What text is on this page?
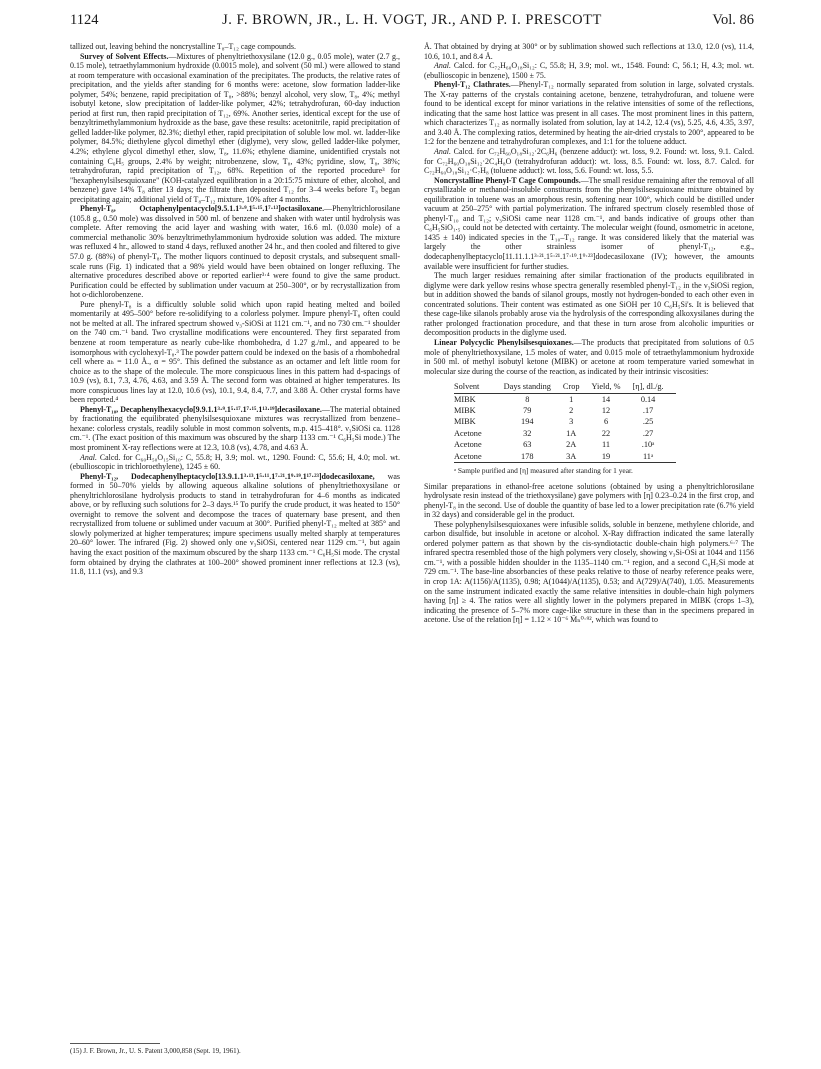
1124	J. F. BROWN, JR., L. H. VOGT, JR., AND P. I. PRESCOTT	Vol. 86

tallized out, leaving behind the noncrystalline T₈–T₁₂ cage compounds.

Survey of Solvent Effects.—Mixtures of phenyltriethoxysilane (12.0 g., 0.05 mole), water (2.7 g., 0.15 mole), tetraethylammonium hydroxide (0.0015 mole), and solvent (50 ml.) were allowed to stand at room temperature with occasional examination of the precipitates. The products, the relative rates of precipitation, and the yields after standing for 6 months were: acetone, slow formation ladder-like polymer, 54%; benzene, rapid precipitation of T₈, >88%; benzyl alcohol, very slow, T₈, 4%; methyl isobutyl ketone, slow precipitation of ladder-like polymer, 42%; tetrahydrofuran, 60-day induction period at first run, then rapid precipitation of T₁₂, 69%. Another series, identical except for the use of benzyltrimethylammonium hydroxide as the base, gave these results: acetonitrile, rapid precipitation of gelled ladder-like polymer, 82.3%; diethyl ether, rapid precipitation of soluble low mol. wt. ladder-like polymer, 84.5%; diethylene glycol dimethyl ether (diglyme), very slow, gelled ladder-like polymer, 4.2%; ethylene glycol dimethyl ether, slow, T₈, 11.6%; ethylene diamine, unidentified crystals not containing C₆H₅ groups, 2.4% by weight; nitrobenzene, slow, T₈, 43%; pyridine, slow, T₈, 38%; tetrahydrofuran, rapid precipitation of T₁₂, 68%. Repetition of the reported procedure³ for "hexaphenylsilsesquioxane" (KOH-catalyzed equilibration in a 20:15:75 mixture of ether, alcohol, and benzene) gave 14% T₈ after 13 days; the filtrate then deposited T₁₂ for 3–4 weeks before T₈ began precipitating again; additional yield of T₈–T₁₂ mixture, 10% after 4 months.

Phenyl-T₈, Octaphenylpentacyclo[9.5.1.1³·⁹.1⁵·¹⁵.1⁷·¹³]octasiloxane.—Phenyltrichlorosilane (105.8 g., 0.50 mole) was dissolved in 500 ml. of benzene and shaken with water until hydrolysis was complete. After removing the acid layer and washing with water, 16.6 ml. (0.030 mole) of a commercial methanolic 30% benzyltrimethylammonium hydroxide solution was added. The mixture was refluxed 4 hr., allowed to stand 4 days, refluxed another 24 hr., and then cooled and filtered to give 57.0 g. (88%) of phenyl-T₈. The mother liquors continued to deposit crystals, and subsequent small-scale runs (Fig. 1) indicated that a 98% yield would have been obtained on longer refluxing. The alternative procedures described above or reported earlier³·⁴ were found to give the same product. Purification could be effected by sublimation under vacuum at 250–300°, or by recrystallization from hot o-dichlorobenzene.

Pure phenyl-T₈ is a difficultly soluble solid which upon rapid heating melted and boiled momentarily at 495–500° before re-solidifying to a colorless polymer. Impure phenyl-T₈ often could not be melted at all. The infrared spectrum showed ν₃-SiOSi at 1121 cm.⁻¹, and no 730 cm.⁻¹ shoulder on the 740 cm.⁻¹ band. Two crystalline modifications were encountered. They first separated from benzene at room temperature as nearly cube-like rhombohedra, d 1.27 g./ml., and appeared to be isomorphous with cyclohexyl-T₈.³ The powder pattern could be indexed on the basis of a rhombohedral cell where aₕ = 11.0 Å., α = 95°. This defined the substance as an octamer and left little room for choice as to the shape of the molecule. The more conspicuous lines in this pattern had d-spacings of 10.9 (vs), 8.1, 7.3, 4.76, 4.63, and 3.59 Å. The second form was obtained at higher temperatures. Its more conspicuous lines lay at 12.0, 10.6 (vs), 10.1, 9.4, 8.4, 7.7, and 3.88 Å. Other crystal forms have been reported.⁴

Phenyl-T₁₀, Decaphenylhexacyclo[9.9.1.1³·⁹.1⁵·¹⁷.1⁷·¹⁵.1¹³·¹⁹]decasiloxane.—The material obtained by fractionating the equilibrated phenylsilsesquioxane mixtures was recrystallized from benzene–hexane: colorless crystals, readily soluble in most common solvents, m.p. 415–418°. ν₃SiOSi ca. 1128 cm.⁻¹. (The exact position of this maximum was obscured by the sharp 1133 cm.⁻¹ C₆H₅Si mode.) The most prominent X-ray reflections were at 12.3, 10.8 (vs), 4.78, and 4.63 Å.

Anal. Calcd. for C₆₀H₅₀O₁₅Si₁₀: C, 55.8; H, 3.9; mol. wt., 1290. Found: C, 55.6; H, 4.0; mol. wt. (ebullioscopic in trichloroethylene), 1245 ± 60.

Phenyl-T₁₂, Dodecaphenylheptacyclo[13.9.1.1³·¹³.1⁵·¹¹.1⁷·²¹.1⁹·¹⁹.1¹⁷·²³]dodecasiloxane, was formed in 50–70% yields by allowing aqueous alkaline solutions of phenyltriethoxysilane or phenyltrichlorosilane hydrolysis products to stand in tetrahydrofuran for 4–6 months as indicated above, or by refluxing such solutions for 2–3 days.¹⁵ To purify the crude product, it was heated to 150° overnight to remove the solvent and decompose the traces of quaternary base present, and then recrystallized from toluene or sublimed under vacuum at 300°. Purified phenyl-T₁₂ melted at 385° and slowly polymerized at higher temperatures; impure specimens usually melted sharply at temperatures 20–60° lower. The infrared (Fig. 2) showed only one ν₃SiOSi, centered near 1129 cm.⁻¹, but again having the exact position of the maximum obscured by the sharp 1133 cm.⁻¹ C₆H₅Si mode. The crystal form obtained by drying the clathrates at 100–200° showed prominent inner reflections at 12.3 (vs), 11.8, 11.1 (vs), and 9.3

Å. That obtained by drying at 300° or by sublimation showed such reflections at 13.0, 12.0 (vs), 11.4, 10.6, 10.1, and 8.4 Å.

Anal. Calcd. for C₇₂H₆₀O₁₈Si₁₂: C, 55.8; H, 3.9; mol. wt., 1548. Found: C, 56.1; H, 4.3; mol. wt. (ebullioscopic in benzene), 1500 ± 75.

Phenyl-T₁₂ Clathrates.—Phenyl-T₁₂ normally separated from solution in large, solvated crystals. The X-ray patterns of the crystals containing acetone, benzene, tetrahydrofuran, and toluene were found to be identical except for minor variations in the relative intensities of some of the reflections, indicating that the same host lattice was present in all cases. The most prominent lines in this pattern, which characterizes T₁₂ as normally isolated from solution, lay at 14.2, 12.4 (vs), 5.25, 4.6, 4.35, 3.97, and 3.40 Å. The complexing ratios, determined by heating the air-dried crystals to 200°, appeared to be 1:2 for the benzene and tetrahydrofuran complexes, and 1:1 for the toluene adduct.

Anal. Calcd. for C₇₂H₆₀O₁₈Si₁₂·2C₆H₆ (benzene adduct): wt. loss, 9.2. Found: wt. loss, 9.1. Calcd. for C₇₂H₆₀O₁₈Si₁₂·2C₄H₈O (tetrahydrofuran adduct): wt. loss, 8.5. Found: wt. loss, 8.7. Calcd. for C₇₂H₆₀O₁₈Si₁₂·C₇H₈ (toluene adduct): wt. loss, 5.6. Found: wt. loss, 5.5.

Noncrystalline Phenyl-T Cage Compounds.—The small residue remaining after the removal of all crystallizable or methanol-insoluble constituents from the phenylsilsesquioxane mixture obtained by equilibration in toluene was an amorphous resin, softening near 100°, which could be distilled under vacuum at 250–275° with partial polymerization. The infrared spectrum closely resembled those of phenyl-T₁₀ and T₁₂; ν₃SiOSi came near 1128 cm.⁻¹, and bands indicative of groups other than C₆H₅SiO₁.₅ could not be detected with certainty. The molecular weight (found, osmometric in acetone, 1435 ± 140) indicated species in the T₁₀–T₁₂ range. It was considered likely that the material was largely the other strainless isomer of phenyl-T₁₂, e.g., dodecaphenylheptacyclo[11.11.1.1³·²¹.1⁵·²¹.1⁷·¹⁹.1⁹·²³]dodecasiloxane (IV); however, the amounts available were insufficient for further studies.

The much larger residues remaining after similar fractionation of the products equilibrated in diglyme were dark yellow resins whose spectra generally resembled phenyl-T₁₂ in the ν₃SiOSi region, but in addition showed the bands of silanol groups, mostly not hydrogen-bonded to each other even in concentrated solutions. Their content was estimated as one SiOH per 10 C₆H₅Si's. It is believed that these cage-like silanols probably arose via the hydrolysis of the corresponding alkoxysilanes during the rather prolonged fractionation procedure, and that these in turn arose from alcoholic impurities or decomposition products in the diglyme used.

Linear Polycyclic Phenylsilsesquioxanes.—The products that precipitated from solutions of 0.5 mole of phenyltriethoxysilane, 1.5 moles of water, and 0.015 mole of tetraethylammonium hydroxide in 500 ml. of methyl isobutyl ketone (MIBK) or acetone at room temperature varied somewhat in molecular size during the course of the reaction, as indicated by their intrinsic viscosities:

Solvent	Days standing	Crop	Yield, %	[η], dl./g.
MIBK	8	1	14	0.14
MIBK	79	2	12	.17
MIBK	194	3	6	.25
Acetone	32	1A	22	.27
Acetone	63	2A	11	.10ᵃ
Acetone	178	3A	19	11ᵃ
ᵃ Sample purified and [η] measured after standing for 1 year.

Similar preparations in ethanol-free acetone solutions (obtained by using a phenyltrichlorosilane hydrolysate resin instead of the triethoxysilane) gave polymers with [η] 0.23–0.24 in the first crop, and phenyl-T₈ in the second. Use of double the quantity of base led to a lower precipitation rate (6.7% yield in 32 days) and considerable gel in the product.

These polyphenylsilsesquioxanes were infusible solids, soluble in benzene, methylene chloride, and carbon disulfide, but insoluble in acetone or alcohol. X-Ray diffraction indicated the same laterally ordered polymer pattern as that shown by the cis-syndiotactic double-chain high polymers.⁶·⁷ The infrared spectra resembled those of the high polymers very closely, showing ν₃Si-OSi at 1044 and 1156 cm.⁻¹, with a possible hidden shoulder in the 1135–1140 cm.⁻¹ region, and a second C₆H₅Si mode at 729 cm.⁻¹. The base-line absorbancies of these peaks relative to those of nearby reference peaks were, in crop 1A: A(1156)/A(1135), 0.98; A(1044)/A(1135), 0.53; and A(729)/A(740), 1.05. Measurements on the same instrument indicated exactly the same relative intensities in double-chain high polymers having [η] ≥ 4. The ratios were all slightly lower in the polymers prepared in MIBK (crops 1–3), indicating the presence of 5–7% more cage-like structure in these than in the specimens prepared in acetone. Use of the relation [η] = 1.12 × 10⁻⁶ M̄ₙ⁰·⁹², which was found to

(15) J. F. Brown, Jr., U. S. Patent 3,000,858 (Sept. 19, 1961).
